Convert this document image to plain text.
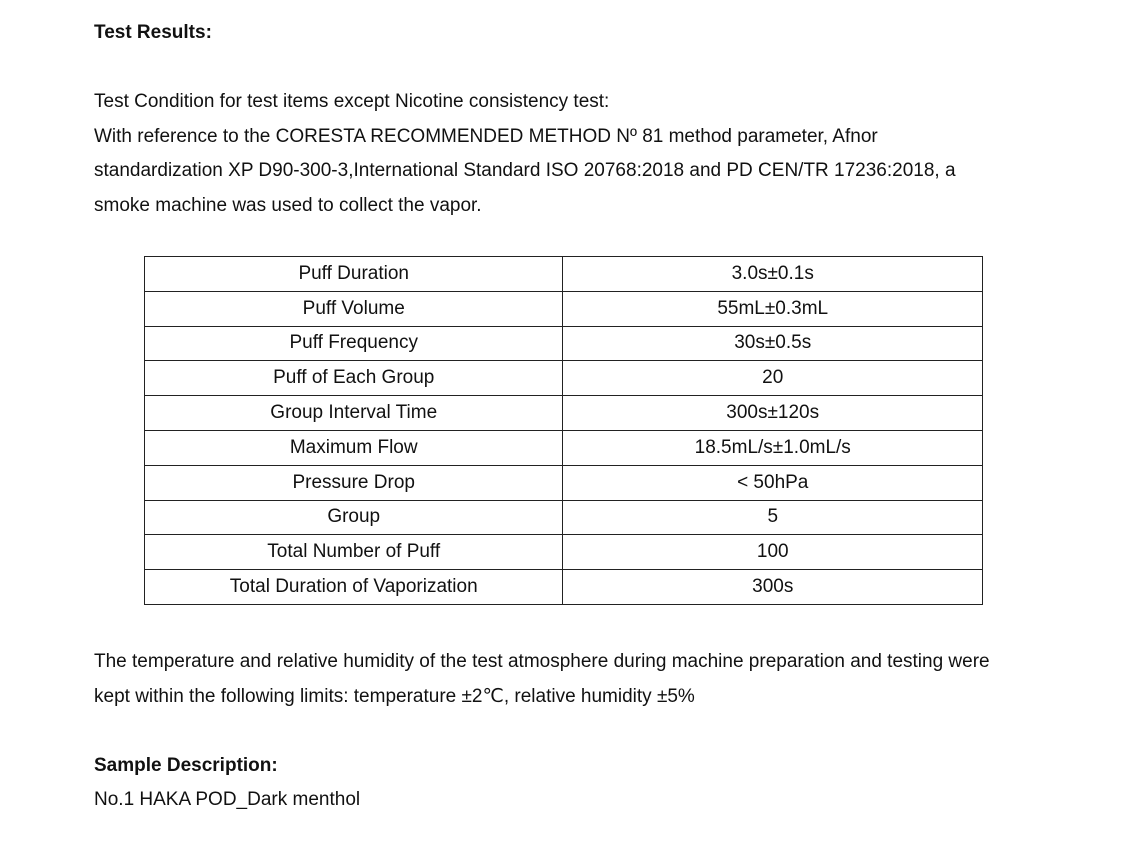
Test Results:
Test Condition for test items except Nicotine consistency test:
With reference to the CORESTA RECOMMENDED METHOD Nº 81 method parameter, Afnor
standardization XP D90-300-3,International Standard ISO 20768:2018 and PD CEN/TR 17236:2018, a
smoke machine was used to collect the vapor.
Puff Duration	3.0s±0.1s
Puff Volume	55mL±0.3mL
Puff Frequency	30s±0.5s
Puff of Each Group	20
Group Interval Time	300s±120s
Maximum Flow	18.5mL/s±1.0mL/s
Pressure Drop	< 50hPa
Group	5
Total Number of Puff	100
Total Duration of Vaporization	300s
The temperature and relative humidity of the test atmosphere during machine preparation and testing were
kept within the following limits: temperature ±2℃, relative humidity ±5%
Sample Description:
No.1 HAKA POD_Dark menthol
